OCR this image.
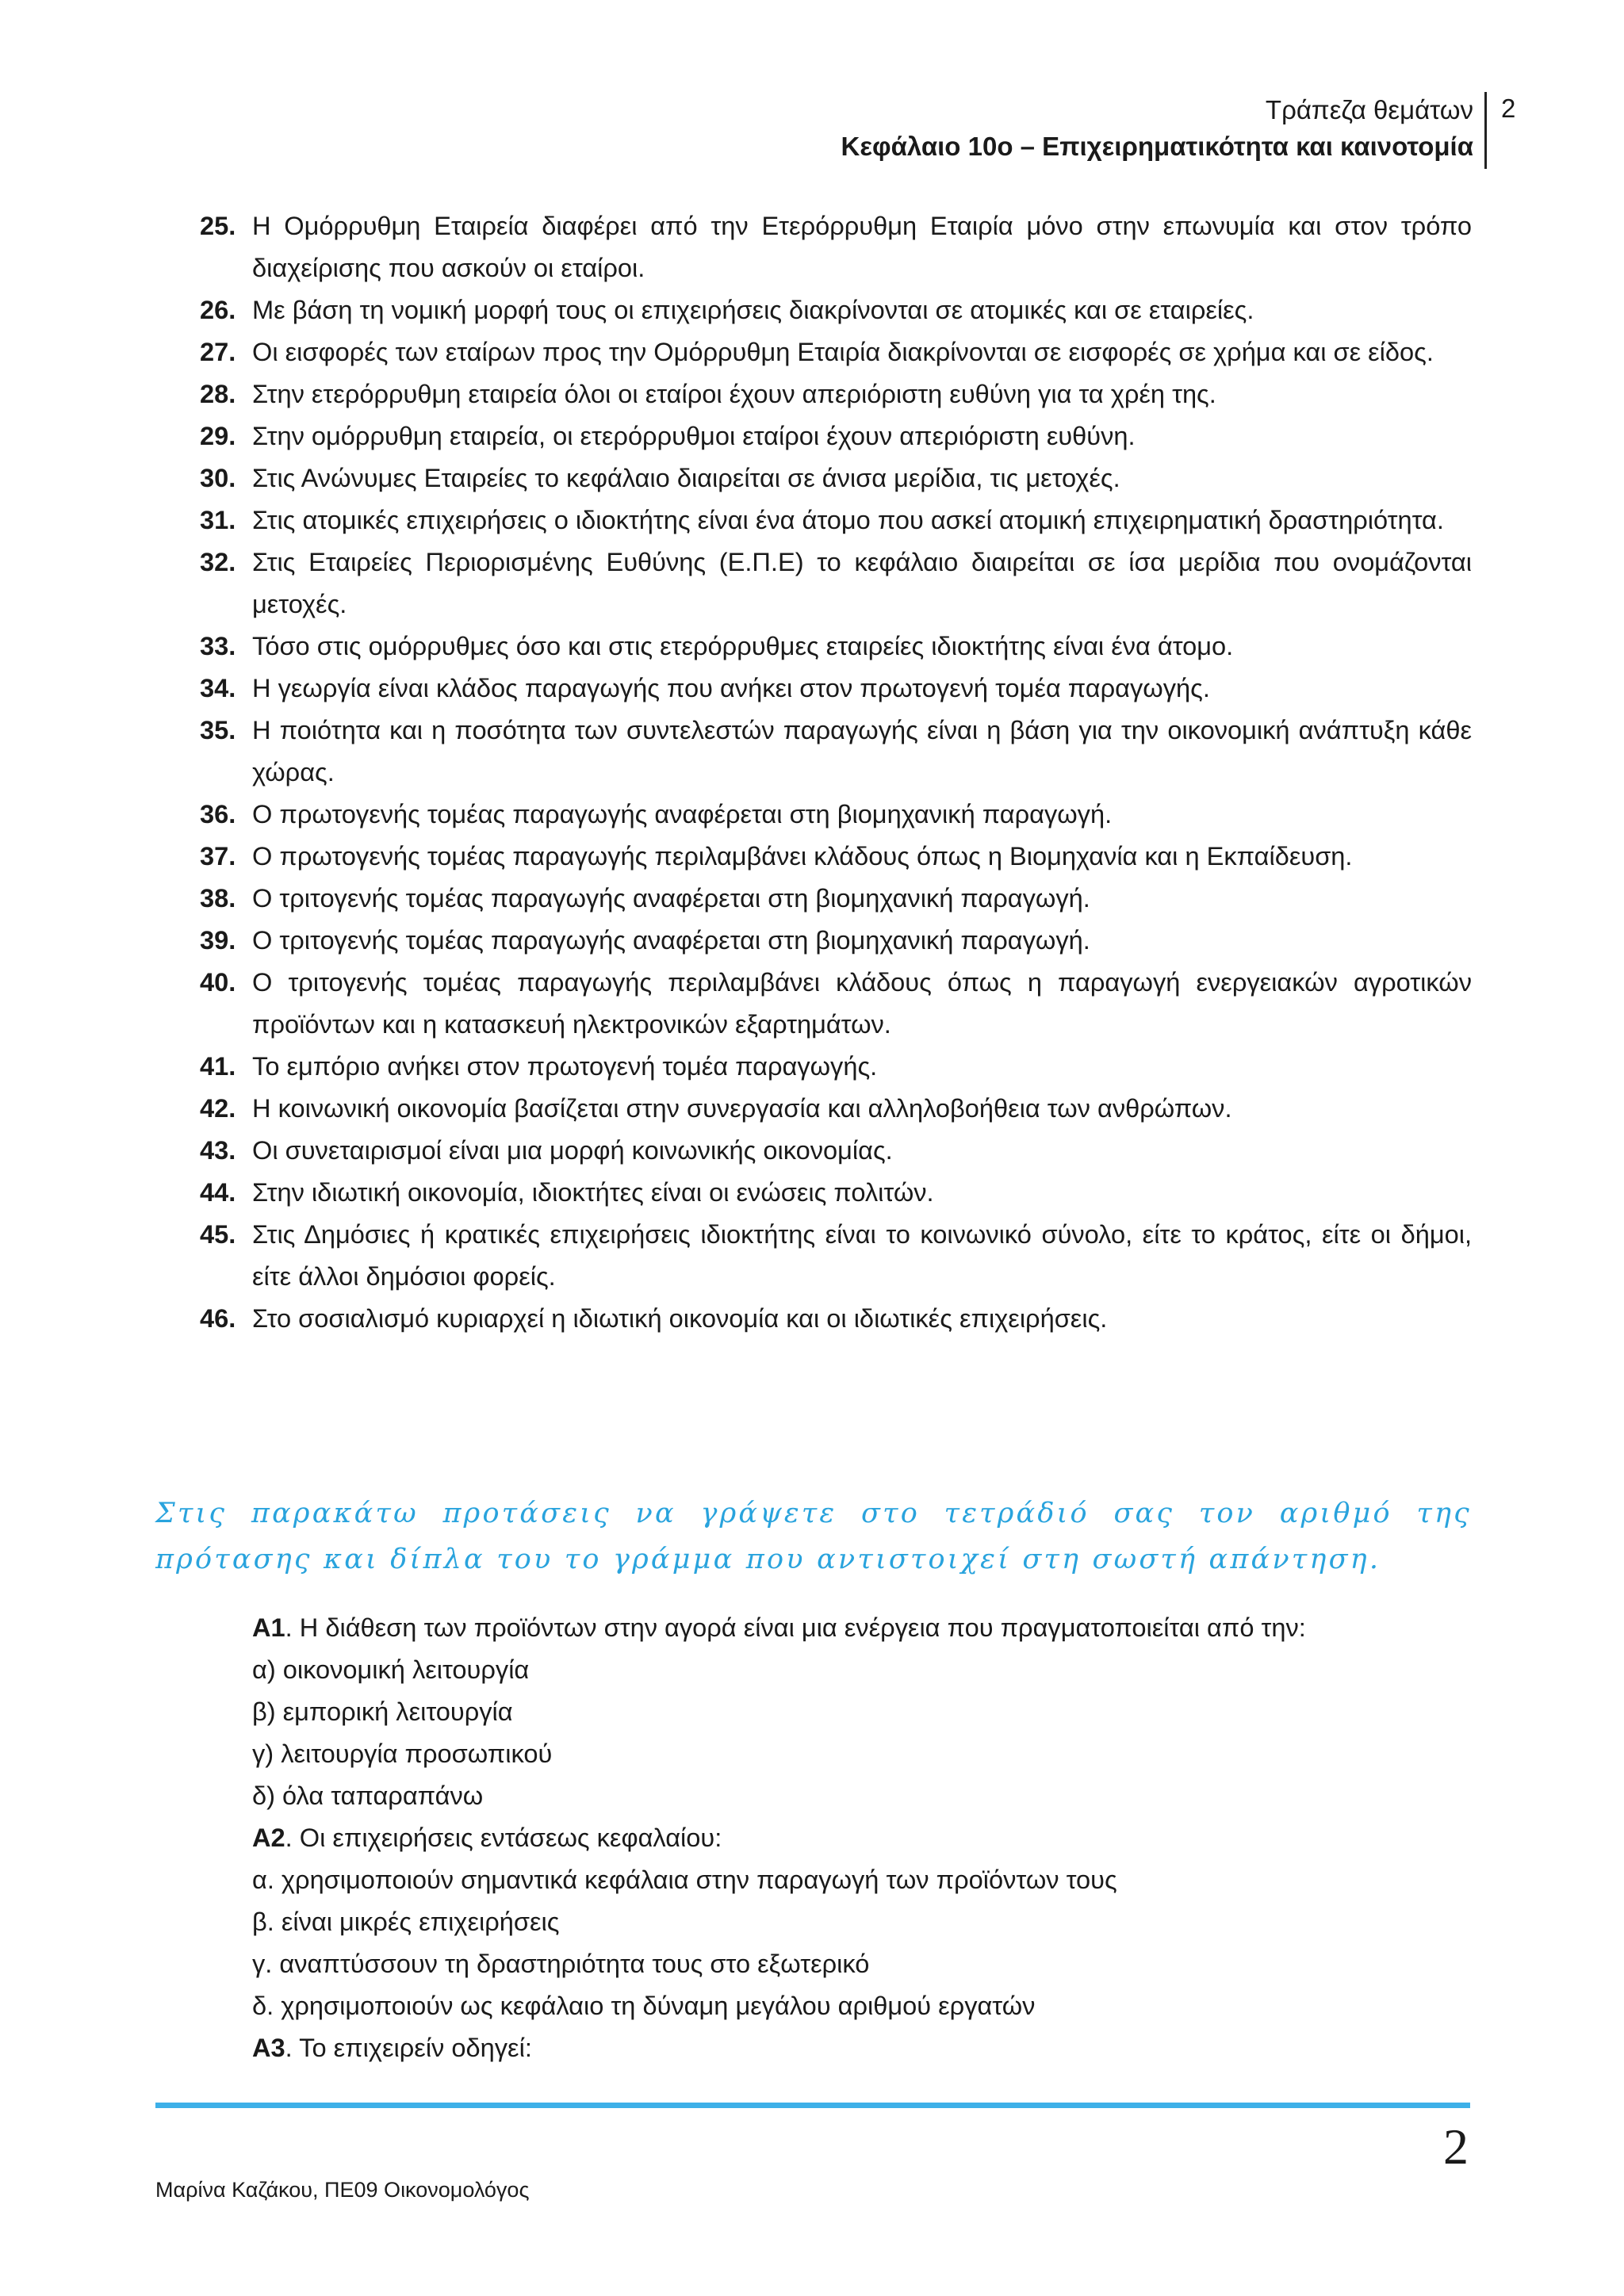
Τράπεζα θεμάτων
Κεφάλαιο 10ο – Επιχειρηματικότητα και καινοτομία
2
25. Η Ομόρρυθμη Εταιρεία διαφέρει από την Ετερόρρυθμη Εταιρία μόνο στην επωνυμία και στον τρόπο διαχείρισης που ασκούν οι εταίροι.
26. Με βάση τη νομική μορφή τους οι επιχειρήσεις διακρίνονται σε ατομικές και σε εταιρείες.
27. Οι εισφορές των εταίρων προς την Ομόρρυθμη Εταιρία διακρίνονται σε εισφορές σε χρήμα και σε είδος.
28. Στην ετερόρρυθμη εταιρεία όλοι οι εταίροι έχουν απεριόριστη ευθύνη για τα χρέη της.
29. Στην ομόρρυθμη εταιρεία, οι ετερόρρυθμοι εταίροι έχουν απεριόριστη ευθύνη.
30. Στις Ανώνυμες Εταιρείες το κεφάλαιο διαιρείται σε άνισα μερίδια, τις μετοχές.
31. Στις ατομικές επιχειρήσεις ο ιδιοκτήτης είναι ένα άτομο που ασκεί ατομική επιχειρηματική δραστηριότητα.
32. Στις Εταιρείες Περιορισμένης Ευθύνης (Ε.Π.Ε) το κεφάλαιο διαιρείται σε ίσα μερίδια που ονομάζονται μετοχές.
33. Τόσο στις ομόρρυθμες όσο και στις ετερόρρυθμες εταιρείες ιδιοκτήτης είναι ένα άτομο.
34. Η γεωργία είναι κλάδος παραγωγής που ανήκει στον πρωτογενή τομέα παραγωγής.
35. Η ποιότητα και η ποσότητα των συντελεστών παραγωγής είναι η βάση για την οικονομική ανάπτυξη κάθε χώρας.
36. Ο πρωτογενής τομέας παραγωγής αναφέρεται στη βιομηχανική παραγωγή.
37. Ο πρωτογενής τομέας παραγωγής περιλαμβάνει κλάδους όπως η Βιομηχανία και η Εκπαίδευση.
38. Ο τριτογενής τομέας παραγωγής αναφέρεται στη βιομηχανική παραγωγή.
39. Ο τριτογενής τομέας παραγωγής αναφέρεται στη βιομηχανική παραγωγή.
40. Ο τριτογενής τομέας παραγωγής περιλαμβάνει κλάδους όπως η παραγωγή ενεργειακών αγροτικών προϊόντων και η κατασκευή ηλεκτρονικών εξαρτημάτων.
41. Το εμπόριο ανήκει στον πρωτογενή τομέα παραγωγής.
42. Η κοινωνική οικονομία βασίζεται στην συνεργασία και αλληλοβοήθεια των ανθρώπων.
43. Οι συνεταιρισμοί είναι μια μορφή κοινωνικής οικονομίας.
44. Στην ιδιωτική οικονομία, ιδιοκτήτες είναι οι ενώσεις πολιτών.
45. Στις Δημόσιες ή κρατικές επιχειρήσεις ιδιοκτήτης είναι το κοινωνικό σύνολο, είτε το κράτος, είτε οι δήμοι, είτε άλλοι δημόσιοι φορείς.
46. Στο σοσιαλισμό κυριαρχεί η ιδιωτική οικονομία και οι ιδιωτικές επιχειρήσεις.
Στις παρακάτω προτάσεις να γράψετε στο τετράδιό σας τον αριθμό της πρότασης και δίπλα του το γράμμα που αντιστοιχεί στη σωστή απάντηση.
Α1. Η διάθεση των προϊόντων στην αγορά είναι μια ενέργεια που πραγματοποιείται από την:
α) οικονομική λειτουργία
β) εμπορική λειτουργία
γ) λειτουργία προσωπικού
δ) όλα ταπαραπάνω
Α2. Οι επιχειρήσεις εντάσεως κεφαλαίου:
α. χρησιμοποιούν σημαντικά κεφάλαια στην παραγωγή των προϊόντων τους
β. είναι μικρές επιχειρήσεις
γ. αναπτύσσουν τη δραστηριότητα τους στο εξωτερικό
δ. χρησιμοποιούν ως κεφάλαιο τη δύναμη μεγάλου αριθμού εργατών
Α3. Το επιχειρείν οδηγεί:
2
Μαρίνα Καζάκου, ΠΕ09 Οικονομολόγος
